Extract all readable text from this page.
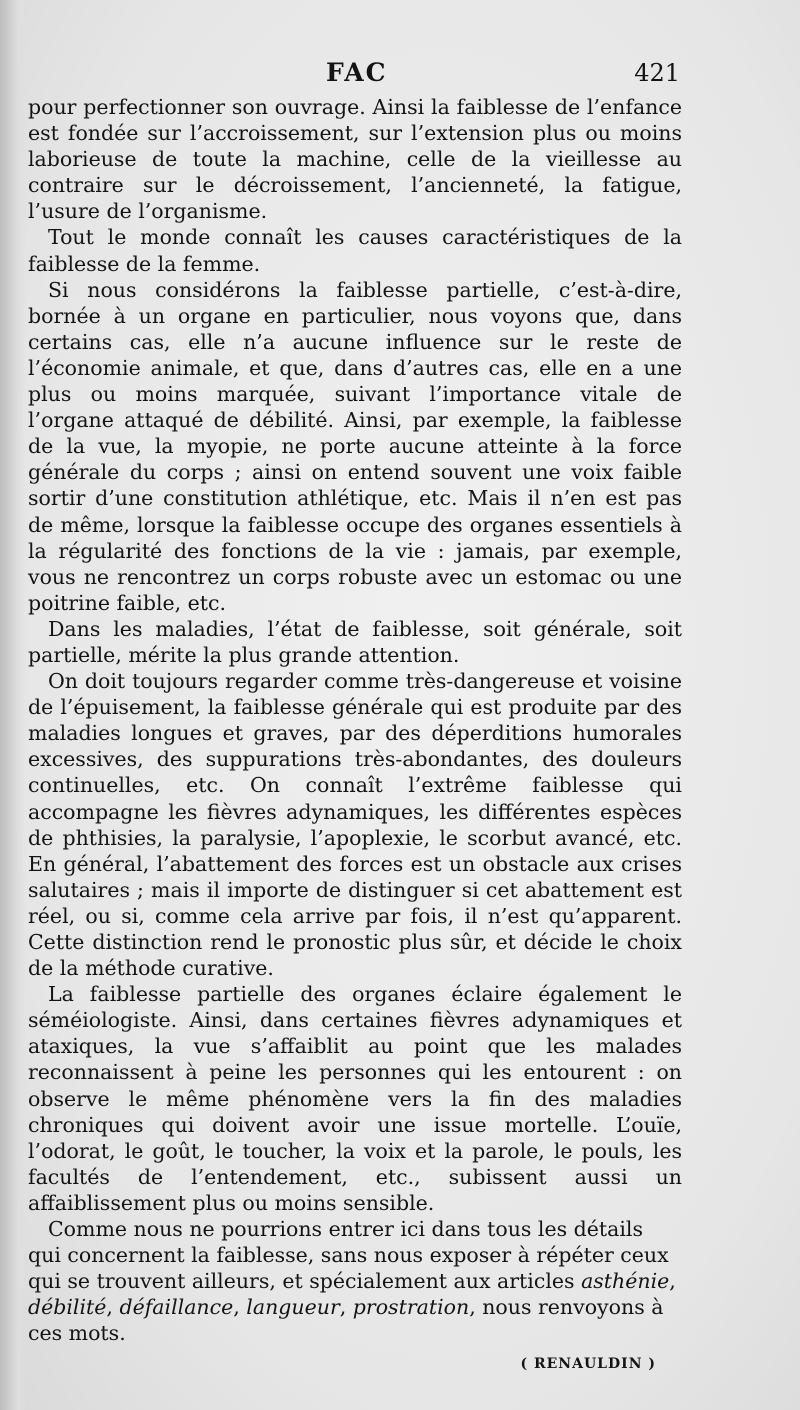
FAC	421

pour perfectionner son ouvrage. Ainsi la faiblesse de l’enfance est fondée sur l’accroissement, sur l’extension plus ou moins laborieuse de toute la machine, celle de la vieillesse au contraire sur le décroissement, l’ancienneté, la fatigue, l’usure de l’organisme.

Tout le monde connaît les causes caractéristiques de la faiblesse de la femme.

Si nous considérons la faiblesse partielle, c’est-à-dire, bornée à un organe en particulier, nous voyons que, dans certains cas, elle n’a aucune influence sur le reste de l’économie animale, et que, dans d’autres cas, elle en a une plus ou moins marquée, suivant l’importance vitale de l’organe attaqué de débilité. Ainsi, par exemple, la faiblesse de la vue, la myopie, ne porte aucune atteinte à la force générale du corps ; ainsi on entend souvent une voix faible sortir d’une constitution athlétique, etc. Mais il n’en est pas de même, lorsque la faiblesse occupe des organes essentiels à la régularité des fonctions de la vie : jamais, par exemple, vous ne rencontrez un corps robuste avec un estomac ou une poitrine faible, etc.

Dans les maladies, l’état de faiblesse, soit générale, soit partielle, mérite la plus grande attention.

On doit toujours regarder comme très-dangereuse et voisine de l’épuisement, la faiblesse générale qui est produite par des maladies longues et graves, par des déperditions humorales excessives, des suppurations très-abondantes, des douleurs continuelles, etc. On connaît l’extrême faiblesse qui accompagne les fièvres adynamiques, les différentes espèces de phthisies, la paralysie, l’apoplexie, le scorbut avancé, etc. En général, l’abattement des forces est un obstacle aux crises salutaires ; mais il importe de distinguer si cet abattement est réel, ou si, comme cela arrive par fois, il n’est qu’apparent. Cette distinction rend le pronostic plus sûr, et décide le choix de la méthode curative.

La faiblesse partielle des organes éclaire également le séméiologiste. Ainsi, dans certaines fièvres adynamiques et ataxiques, la vue s’affaiblit au point que les malades reconnaissent à peine les personnes qui les entourent : on observe le même phénomène vers la fin des maladies chroniques qui doivent avoir une issue mortelle. L’ouïe, l’odorat, le goût, le toucher, la voix et la parole, le pouls, les facultés de l’entendement, etc., subissent aussi un affaiblissement plus ou moins sensible.

Comme nous ne pourrions entrer ici dans tous les détails qui concernent la faiblesse, sans nous exposer à répéter ceux qui se trouvent ailleurs, et spécialement aux articles asthénie, débilité, défaillance, langueur, prostration, nous renvoyons à ces mots.

( RENAULDIN )
